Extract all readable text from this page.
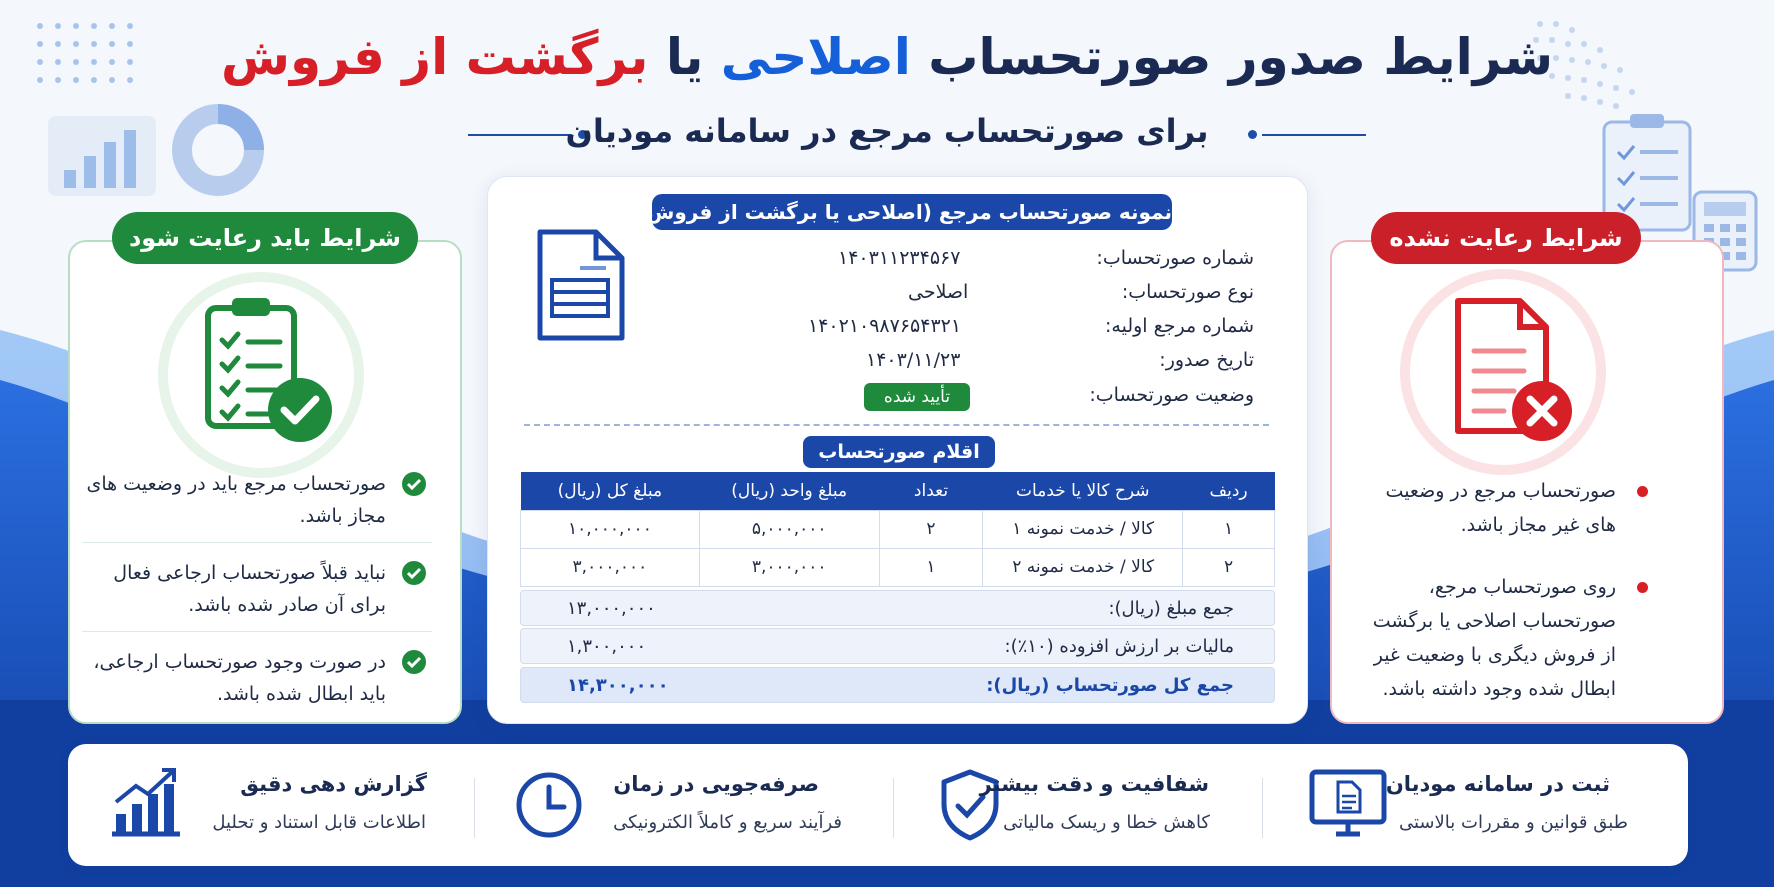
شرایط صدور صورتحساب اصلاحی یا برگشت از فروش
برای صورتحساب مرجع در سامانه مودیان
شرایط باید رعایت شود
صورتحساب مرجع باید در وضعیت های مجاز باشد.
نباید قبلاً صورتحساب ارجاعی فعال برای آن صادر شده باشد.
در صورت وجود صورتحساب ارجاعی، باید ابطال شده باشد.
شرایط رعایت نشده
صورتحساب مرجع در وضعیت های غیر مجاز باشد.
روی صورتحساب مرجع، صورتحساب اصلاحی یا برگشت از فروش دیگری با وضعیت غیر ابطال شده وجود داشته باشد.
نمونه صورتحساب مرجع (اصلاحی یا برگشت از فروش)
شماره صورتحساب:
۱۴۰۳۱۱۲۳۴۵۶۷
نوع صورتحساب:
اصلاحی
شماره مرجع اولیه:
۱۴۰۲۱۰۹۸۷۶۵۴۳۲۱
تاریخ صدور:
۱۴۰۳/۱۱/۲۳
وضعیت صورتحساب:
تأیید شده
اقلام صورتحساب
ردیف	شرح کالا یا خدمات	تعداد	مبلغ واحد (ریال)	مبلغ کل (ریال)
۱	کالا / خدمت نمونه ۱	۲	۵,۰۰۰,۰۰۰	۱۰,۰۰۰,۰۰۰
۲	کالا / خدمت نمونه ۲	۱	۳,۰۰۰,۰۰۰	۳,۰۰۰,۰۰۰
جمع مبلغ (ریال):
۱۳,۰۰۰,۰۰۰
مالیات بر ارزش افزوده (۱۰٪):
۱,۳۰۰,۰۰۰
جمع کل صورتحساب (ریال):
۱۴,۳۰۰,۰۰۰
ثبت در سامانه مودیان
طبق قوانین و مقررات بالاستی
شفافیت و دقت بیشتر
کاهش خطا و ریسک مالیاتی
صرفه‌جویی در زمان
فرآیند سریع و کاملاً الکترونیکی
گزارش دهی دقیق
اطلاعات قابل استناد و تحلیل
